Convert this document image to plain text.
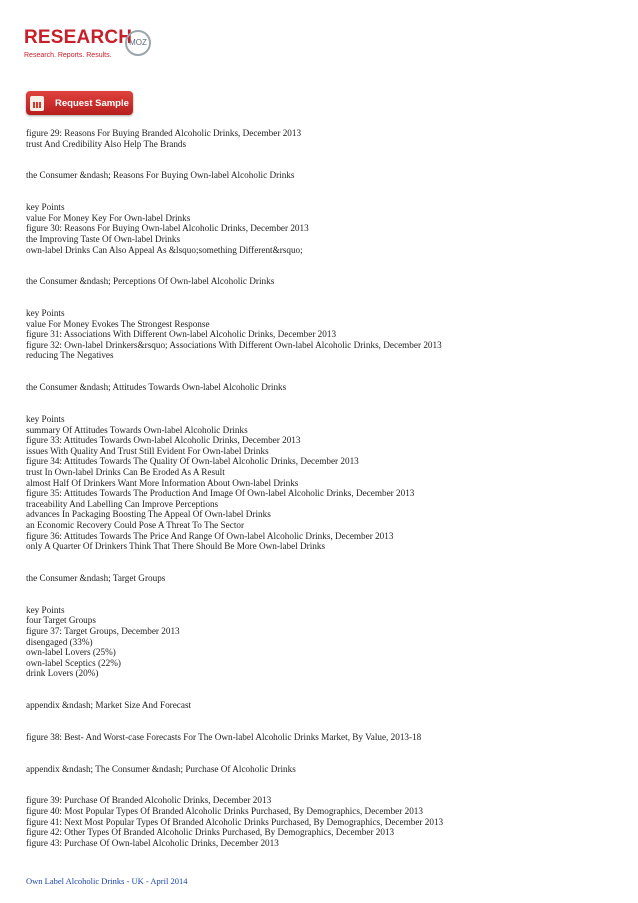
RESEARCH
MOZ
Research. Reports. Results.
Request Sample
figure 29: Reasons For Buying Branded Alcoholic Drinks, December 2013
trust And Credibility Also Help The Brands
the Consumer &ndash; Reasons For Buying Own-label Alcoholic Drinks
key Points
value For Money Key For Own-label Drinks
figure 30: Reasons For Buying Own-label Alcoholic Drinks, December 2013
the Improving Taste Of Own-label Drinks
own-label Drinks Can Also Appeal As &lsquo;something Different&rsquo;
the Consumer &ndash; Perceptions Of Own-label Alcoholic Drinks
key Points
value For Money Evokes The Strongest Response
figure 31: Associations With Different Own-label Alcoholic Drinks, December 2013
figure 32: Own-label Drinkers&rsquo; Associations With Different Own-label Alcoholic Drinks, December 2013
reducing The Negatives
the Consumer &ndash; Attitudes Towards Own-label Alcoholic Drinks
key Points
summary Of Attitudes Towards Own-label Alcoholic Drinks
figure 33: Attitudes Towards Own-label Alcoholic Drinks, December 2013
issues With Quality And Trust Still Evident For Own-label Drinks
figure 34: Attitudes Towards The Quality Of Own-label Alcoholic Drinks, December 2013
trust In Own-label Drinks Can Be Eroded As A Result
almost Half Of Drinkers Want More Information About Own-label Drinks
figure 35: Attitudes Towards The Production And Image Of Own-label Alcoholic Drinks, December 2013
traceability And Labelling Can Improve Perceptions
advances In Packaging Boosting The Appeal Of Own-label Drinks
an Economic Recovery Could Pose A Threat To The Sector
figure 36: Attitudes Towards The Price And Range Of Own-label Alcoholic Drinks, December 2013
only A Quarter Of Drinkers Think That There Should Be More Own-label Drinks
the Consumer &ndash; Target Groups
key Points
four Target Groups
figure 37: Target Groups, December 2013
disengaged (33%)
own-label Lovers (25%)
own-label Sceptics (22%)
drink Lovers (20%)
appendix &ndash; Market Size And Forecast
figure 38: Best- And Worst-case Forecasts For The Own-label Alcoholic Drinks Market, By Value, 2013-18
appendix &ndash; The Consumer &ndash; Purchase Of Alcoholic Drinks
figure 39: Purchase Of Branded Alcoholic Drinks, December 2013
figure 40: Most Popular Types Of Branded Alcoholic Drinks Purchased, By Demographics, December 2013
figure 41: Next Most Popular Types Of Branded Alcoholic Drinks Purchased, By Demographics, December 2013
figure 42: Other Types Of Branded Alcoholic Drinks Purchased, By Demographics, December 2013
figure 43: Purchase Of Own-label Alcoholic Drinks, December 2013
Own Label Alcoholic Drinks - UK - April 2014
